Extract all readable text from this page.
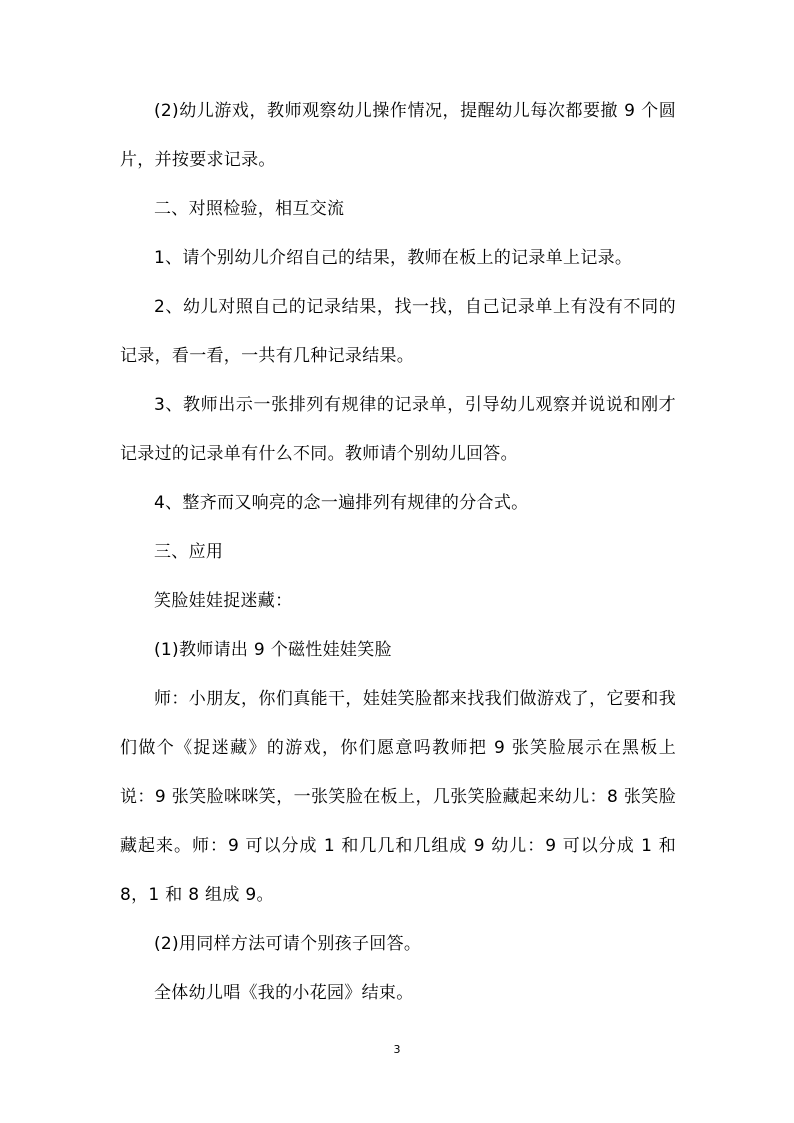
(2)幼儿游戏，教师观察幼儿操作情况，提醒幼儿每次都要撤 9 个圆片，并按要求记录。

二、对照检验，相互交流

1、请个别幼儿介绍自己的结果，教师在板上的记录单上记录。

2、幼儿对照自己的记录结果，找一找，自己记录单上有没有不同的记录，看一看，一共有几种记录结果。

3、教师出示一张排列有规律的记录单，引导幼儿观察并说说和刚才记录过的记录单有什么不同。教师请个别幼儿回答。

4、整齐而又响亮的念一遍排列有规律的分合式。

三、应用

笑脸娃娃捉迷藏：

(1)教师请出 9 个磁性娃娃笑脸

师：小朋友，你们真能干，娃娃笑脸都来找我们做游戏了，它要和我们做个《捉迷藏》的游戏，你们愿意吗教师把 9 张笑脸展示在黑板上说：9 张笑脸咪咪笑，一张笑脸在板上，几张笑脸藏起来幼儿：8 张笑脸藏起来。师：9 可以分成 1 和几几和几组成 9 幼儿：9 可以分成 1 和 8，1 和 8 组成 9。

(2)用同样方法可请个别孩子回答。

全体幼儿唱《我的小花园》结束。

3
